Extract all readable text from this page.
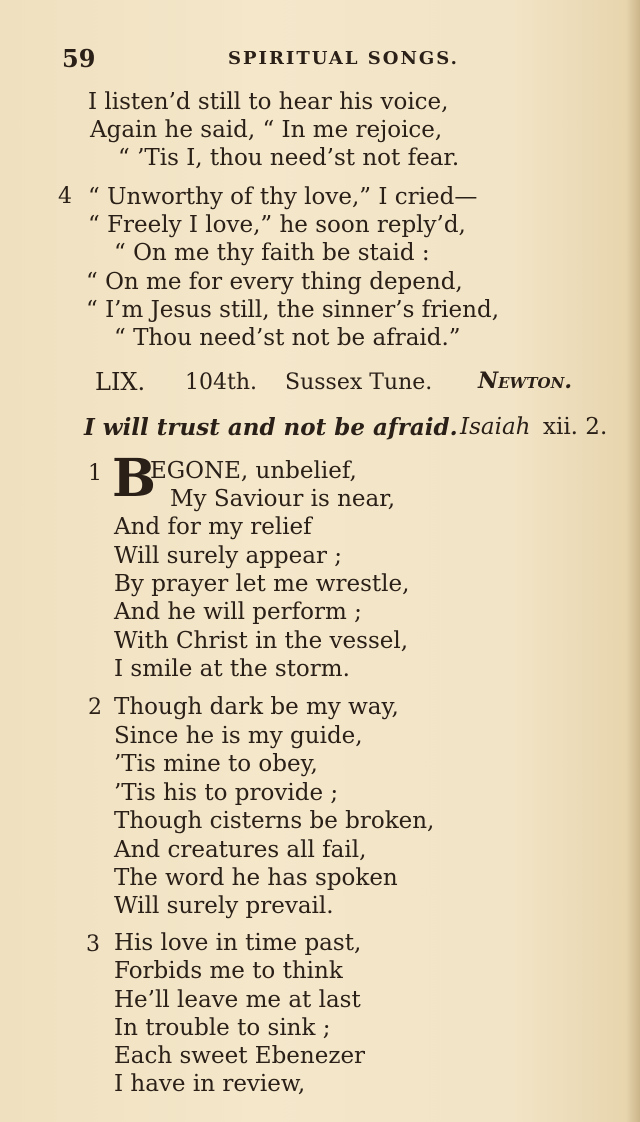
59	SPIRITUAL SONGS.
I listen’d still to hear his voice,
Again he said, “ In me rejoice,
“ ’Tis I, thou need’st not fear.
4 “ Unworthy of thy love,” I cried—
“ Freely I love,” he soon reply’d,
“ On me thy faith be staid :
“ On me for every thing depend,
“ I’m Jesus still, the sinner’s friend,
“ Thou need’st not be afraid.”
LIX. 104th. Sussex Tune. Newton.
I will trust and not be afraid. Isaiah xii. 2.
1 B
EGONE, unbelief,
My Saviour is near,
And for my relief
Will surely appear ;
By prayer let me wrestle,
And he will perform ;
With Christ in the vessel,
I smile at the storm.
2 Though dark be my way,
Since he is my guide,
’Tis mine to obey,
’Tis his to provide ;
Though cisterns be broken,
And creatures all fail,
The word he has spoken
Will surely prevail.
3 His love in time past,
Forbids me to think
He’ll leave me at last
In trouble to sink ;
Each sweet Ebenezer
I have in review,
